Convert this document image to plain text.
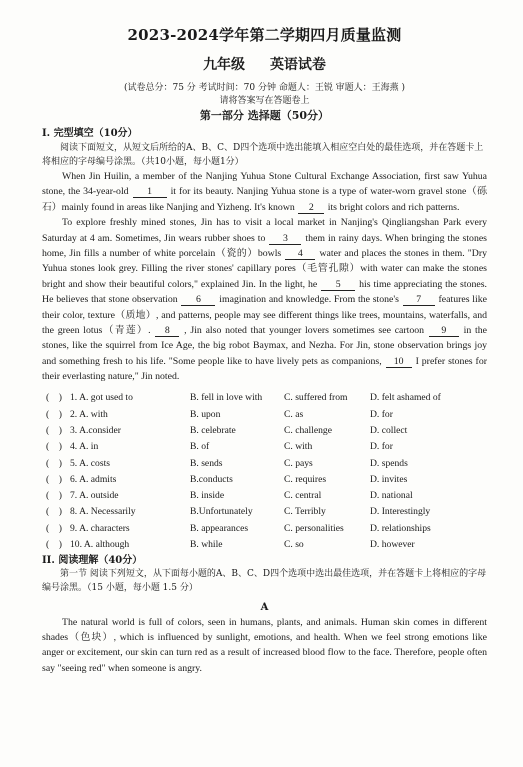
2023-2024学年第二学期四月质量监测
九年级 英语试卷
(试卷总分：75 分 考试时间：70 分钟 命题人：王锐 审题人：王海燕 )
请将答案写在答题卷上
第一部分 选择题（50分）
I. 完型填空（10分）
阅读下面短文，从短文后所给的A、B、C、D四个选项中选出能填入相应空白处的最佳选项，并在答题卡上将相应的字母编号涂黑。（共10小题，每小题1分）

When Jin Huilin, a member of the Nanjing Yuhua Stone Cultural Exchange Association, first saw Yuhua stone, the 34-year-old 1 it for its beauty. Nanjing Yuhua stone is a type of water-worn gravel stone（砾石）mainly found in areas like Nanjing and Yizheng. It's known 2 its bright colors and rich patterns.

To explore freshly mined stones, Jin has to visit a local market in Nanjing's Qingliangshan Park every Saturday at 4 am. Sometimes, Jin wears rubber shoes to 3 them in rainy days. When bringing the stones home, Jin fills a number of white porcelain（瓷的）bowls 4 water and places the stones in them. "Dry Yuhua stones look grey. Filling the river stones' capillary pores（毛管孔隙）with water can make the stones bright and show their beautiful colors," explained Jin. In the light, he 5 his time appreciating the stones. He believes that stone observation 6 imagination and knowledge. From the stone's 7 features like their color, texture（质地）, and patterns, people may see different things like trees, mountains, waterfalls, and the green lotus（青莲）. 8 , Jin also noted that younger lovers sometimes see cartoon 9 in the stones, like the squirrel from Ice Age, the big robot Baymax, and Nezha. For Jin, stone observation brings joy and something fresh to his life. "Some people like to have lively pets as companions, 10 I prefer stones for their everlasting nature," Jin noted.

(    ) 1. A. got used to	B. fell in love with	C. suffered from	D. felt ashamed of
(    ) 2. A. with	B. upon	C. as	D. for
(    ) 3. A.consider	B. celebrate	C. challenge	D. collect
(    ) 4. A. in	B. of	C. with	D. for
(    ) 5. A. costs	B. sends	C. pays	D. spends
(    ) 6. A. admits	B.conducts	C. requires	D. invites
(    ) 7. A. outside	B. inside	C. central	D. national
(    ) 8. A. Necessarily	B.Unfortunately	C. Terribly	D. Interestingly
(    ) 9. A. characters	B. appearances	C. personalities	D. relationships
(    ) 10. A. although	B. while	C. so	D. however
II. 阅读理解（40分）
第一节 阅读下列短文，从下面每小题的A、B、C、D四个选项中选出最佳选项，并在答题卡上将相应的字母编号涂黑。（15 小题，每小题 1.5 分）
A

The natural world is full of colors, seen in humans, plants, and animals. Human skin comes in different shades（色块）, which is influenced by sunlight, emotions, and health. When we feel strong emotions like anger or excitement, our skin can turn red as a result of increased blood flow to the face. Therefore, people often say "seeing red" when someone is angry.
